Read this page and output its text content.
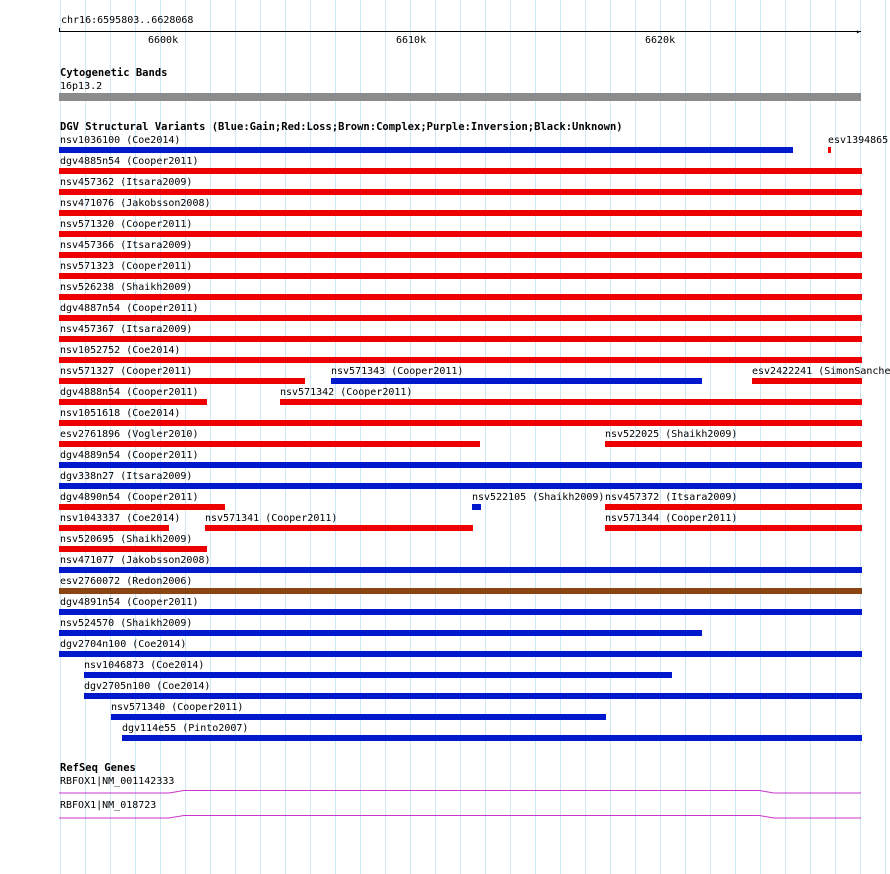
chr16:6595803..6628068
▸
6600k	6610k	6620k
Cytogenetic Bands
16p13.2
DGV Structural Variants (Blue:Gain;Red:Loss;Brown:Complex;Purple:Inversion;Black:Unknown)
nsv1036100 (Coe2014)	esv1394865
dgv4885n54 (Cooper2011)
nsv457362 (Itsara2009)
nsv471076 (Jakobsson2008)
nsv571320 (Cooper2011)
nsv457366 (Itsara2009)
nsv571323 (Cooper2011)
nsv526238 (Shaikh2009)
dgv4887n54 (Cooper2011)
nsv457367 (Itsara2009)
nsv1052752 (Coe2014)
nsv571327 (Cooper2011)	nsv571343 (Cooper2011)	esv2422241 (SimonSanche
dgv4888n54 (Cooper2011)	nsv571342 (Cooper2011)
nsv1051618 (Coe2014)
esv2761896 (Vogler2010)	nsv522025 (Shaikh2009)
dgv4889n54 (Cooper2011)
dgv338n27 (Itsara2009)
dgv4890n54 (Cooper2011)	nsv522105 (Shaikh2009) nsv457372 (Itsara2009)
nsv1043337 (Coe2014) nsv571341 (Cooper2011)	nsv571344 (Cooper2011)
nsv520695 (Shaikh2009)
nsv471077 (Jakobsson2008)
esv2760072 (Redon2006)
dgv4891n54 (Cooper2011)
nsv524570 (Shaikh2009)
dgv2704n100 (Coe2014)
nsv1046873 (Coe2014)
dgv2705n100 (Coe2014)
nsv571340 (Cooper2011)
dgv114e55 (Pinto2007)
RefSeq Genes
RBFOX1|NM_001142333
RBFOX1|NM_018723
